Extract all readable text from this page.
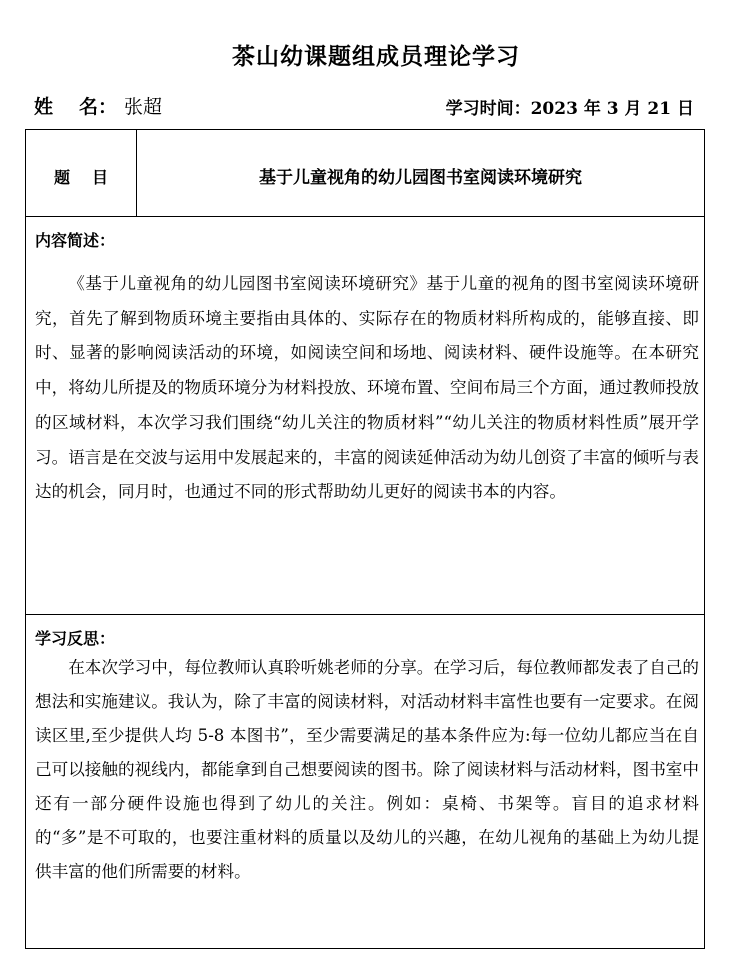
茶山幼课题组成员理论学习
姓 名： 张超	学习时间：2023 年 3 月 21 日
题 目	基于儿童视角的幼儿园图书室阅读环境研究
内容简述：

《基于儿童视角的幼儿园图书室阅读环境研究》基于儿童的视角的图书室阅读环境研究，首先了解到物质环境主要指由具体的、实际存在的物质材料所构成的，能够直接、即时、显著的影响阅读活动的环境，如阅读空间和场地、阅读材料、硬件设施等。在本研究中，将幼儿所提及的物质环境分为材料投放、环境布置、空间布局三个方面，通过教师投放的区域材料，本次学习我们围绕“幼儿关注的物质材料”“幼儿关注的物质材料性质”展开学习。语言是在交波与运用中发展起来的，丰富的阅读延伸活动为幼儿创资了丰富的倾听与表达的机会，同月时，也通过不同的形式帮助幼儿更好的阅读书本的内容。

学习反思：

在本次学习中，每位教师认真聆听姚老师的分享。在学习后，每位教师都发表了自己的想法和实施建议。我认为，除了丰富的阅读材料，对活动材料丰富性也要有一定要求。在阅读区里,至少提供人均 5-8 本图书”，至少需要满足的基本条件应为:每一位幼儿都应当在自己可以接触的视线内，都能拿到自己想要阅读的图书。除了阅读材料与活动材料，图书室中还有一部分硬件设施也得到了幼儿的关注。例如：桌椅、书架等。盲目的追求材料的“多”是不可取的，也要注重材料的质量以及幼儿的兴趣，在幼儿视角的基础上为幼儿提供丰富的他们所需要的材料。
